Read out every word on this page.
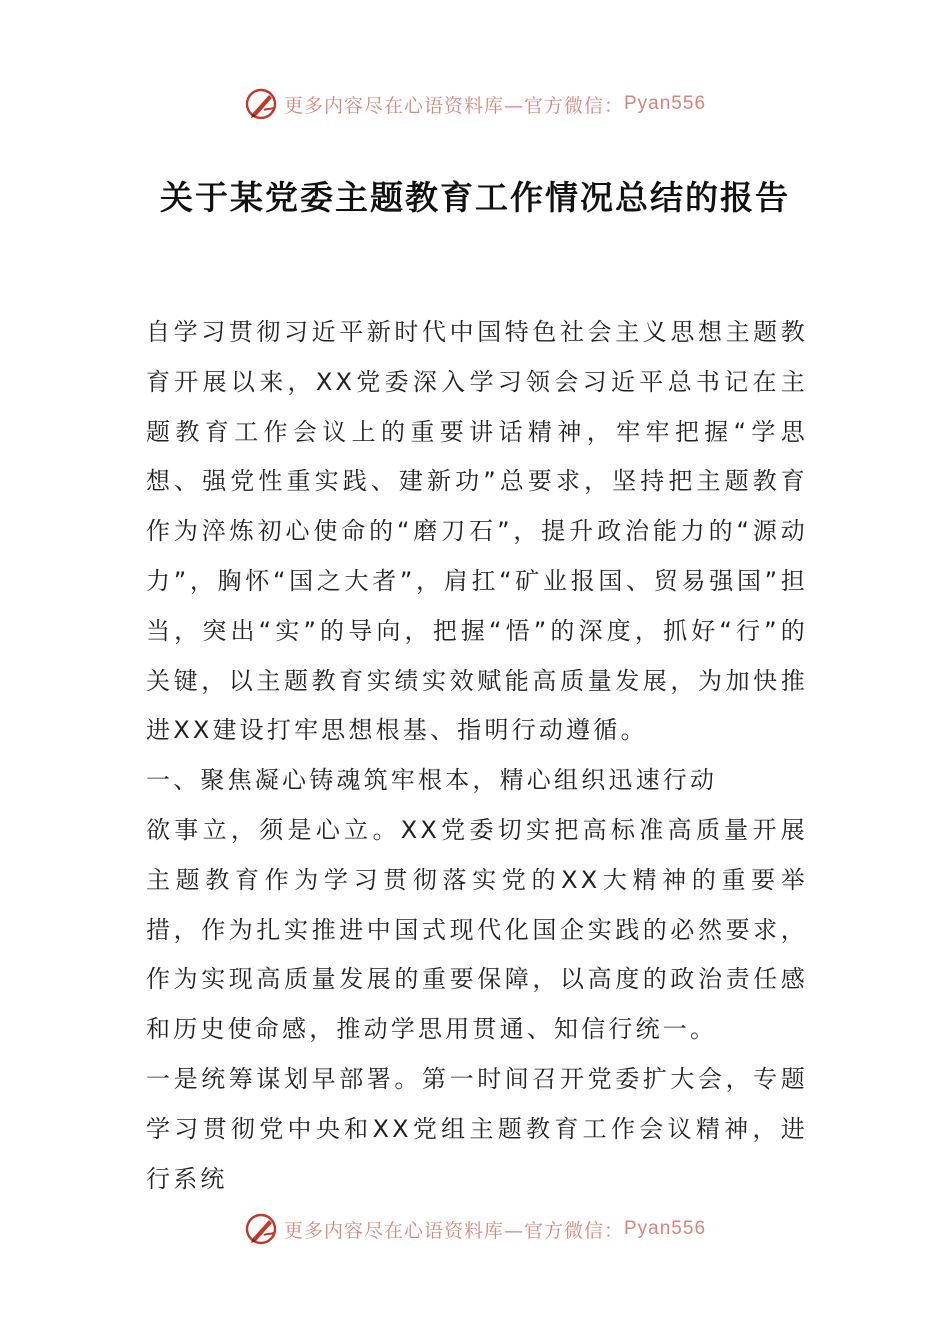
更多内容尽在心语资料库—官方微信： Pyan556
关于某党委主题教育工作情况总结的报告

自学习贯彻习近平新时代中国特色社会主义思想主题教育开展以来，XX党委深入学习领会习近平总书记在主题教育工作会议上的重要讲话精神，牢牢把握“学思想、强党性重实践、建新功”总要求，坚持把主题教育作为淬炼初心使命的“磨刀石”，提升政治能力的“源动力”，胸怀“国之大者”，肩扛“矿业报国、贸易强国”担当，突出“实”的导向，把握“悟”的深度，抓好“行”的关键，以主题教育实绩实效赋能高质量发展，为加快推进XX建设打牢思想根基、指明行动遵循。

一、聚焦凝心铸魂筑牢根本，精心组织迅速行动

欲事立，须是心立。XX党委切实把高标准高质量开展主题教育作为学习贯彻落实党的XX大精神的重要举措，作为扎实推进中国式现代化国企实践的必然要求，作为实现高质量发展的重要保障，以高度的政治责任感和历史使命感，推动学思用贯通、知信行统一。

一是统筹谋划早部署。第一时间召开党委扩大会，专题学习贯彻党中央和XX党组主题教育工作会议精神，进行系统

更多内容尽在心语资料库—官方微信： Pyan556
